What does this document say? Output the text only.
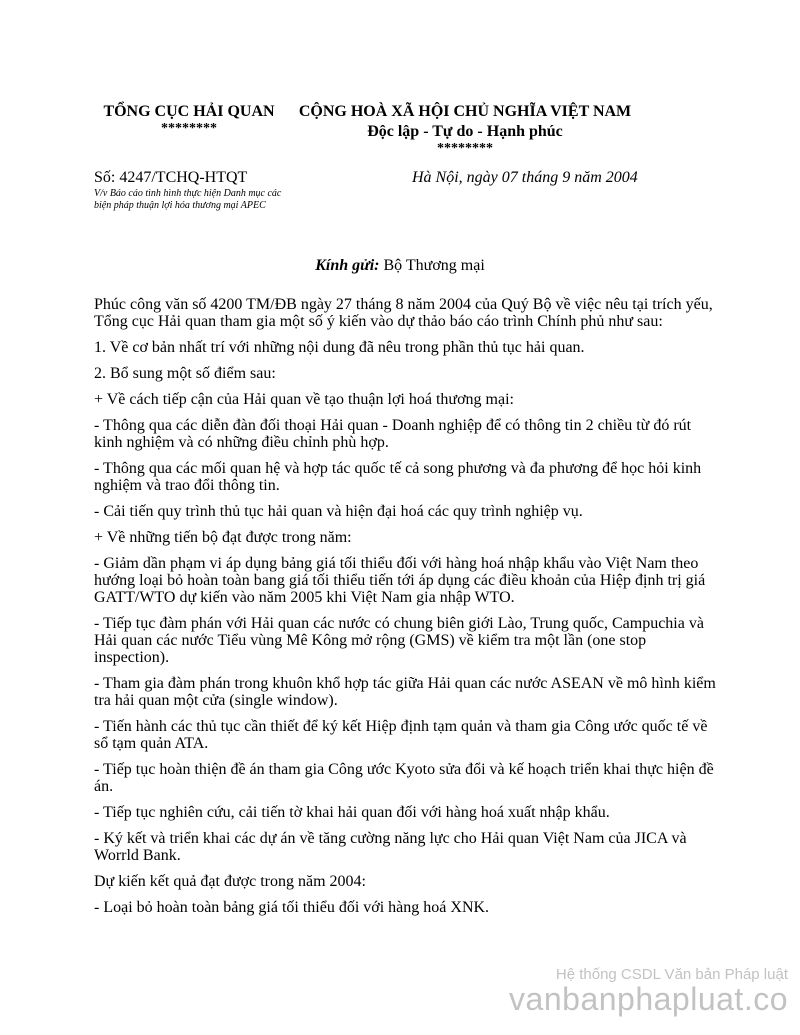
TỔNG CỤC HẢI QUAN
********
CỘNG HOÀ XÃ HỘI CHỦ NGHĨA VIỆT NAM
Độc lập - Tự do - Hạnh phúc
********
Số: 4247/TCHQ-HTQT
V/v Báo cáo tình hình thực hiện Danh mục các biện pháp thuận lợi hóa thương mại APEC
Hà Nội, ngày 07 tháng 9 năm 2004
Kính gửi: Bộ Thương mại

Phúc công văn số 4200 TM/ĐB ngày 27 tháng 8 năm 2004 của Quý Bộ về việc nêu tại trích yếu, Tổng cục Hải quan tham gia một số ý kiến vào dự thảo báo cáo trình Chính phủ như sau:

1. Về cơ bản nhất trí với những nội dung đã nêu trong phần thủ tục hải quan.

2. Bổ sung một số điểm sau:

+ Về cách tiếp cận của Hải quan về tạo thuận lợi hoá thương mại:

- Thông qua các diễn đàn đối thoại Hải quan - Doanh nghiệp để có thông tin 2 chiều từ đó rút kinh nghiệm và có những điều chỉnh phù hợp.

- Thông qua các mối quan hệ và hợp tác quốc tế cả song phương và đa phương để học hỏi kinh nghiệm và trao đổi thông tin.

- Cải tiến quy trình thủ tục hải quan và hiện đại hoá các quy trình nghiệp vụ.

+ Về những tiến bộ đạt được trong năm:

- Giảm dần phạm vi áp dụng bảng giá tối thiểu đối với hàng hoá nhập khẩu vào Việt Nam theo hướng loại bỏ hoàn toàn bang giá tối thiểu tiến tới áp dụng các điều khoản của Hiệp định trị giá GATT/WTO dự kiến vào năm 2005 khi Việt Nam gia nhập WTO.

- Tiếp tục đàm phán với Hải quan các nước có chung biên giới Lào, Trung quốc, Campuchia và Hải quan các nước Tiểu vùng Mê Kông mở rộng (GMS) về kiểm tra một lần (one stop inspection).

- Tham gia đàm phán trong khuôn khổ hợp tác giữa Hải quan các nước ASEAN về mô hình kiểm tra hải quan một cửa (single window).

- Tiến hành các thủ tục cần thiết để ký kết Hiệp định tạm quản và tham gia Công ước quốc tế về sổ tạm quản ATA.

- Tiếp tục hoàn thiện đề án tham gia Công ước Kyoto sửa đổi và kế hoạch triển khai thực hiện đề án.

- Tiếp tục nghiên cứu, cải tiến tờ khai hải quan đối với hàng hoá xuất nhập khẩu.

- Ký kết và triển khai các dự án về tăng cường năng lực cho Hải quan Việt Nam của JICA và Worrld Bank.

Dự kiến kết quả đạt được trong năm 2004:

- Loại bỏ hoàn toàn bảng giá tối thiểu đối với hàng hoá XNK.

Hệ thống CSDL Văn bản Pháp luật
vanbanphapluat.co
